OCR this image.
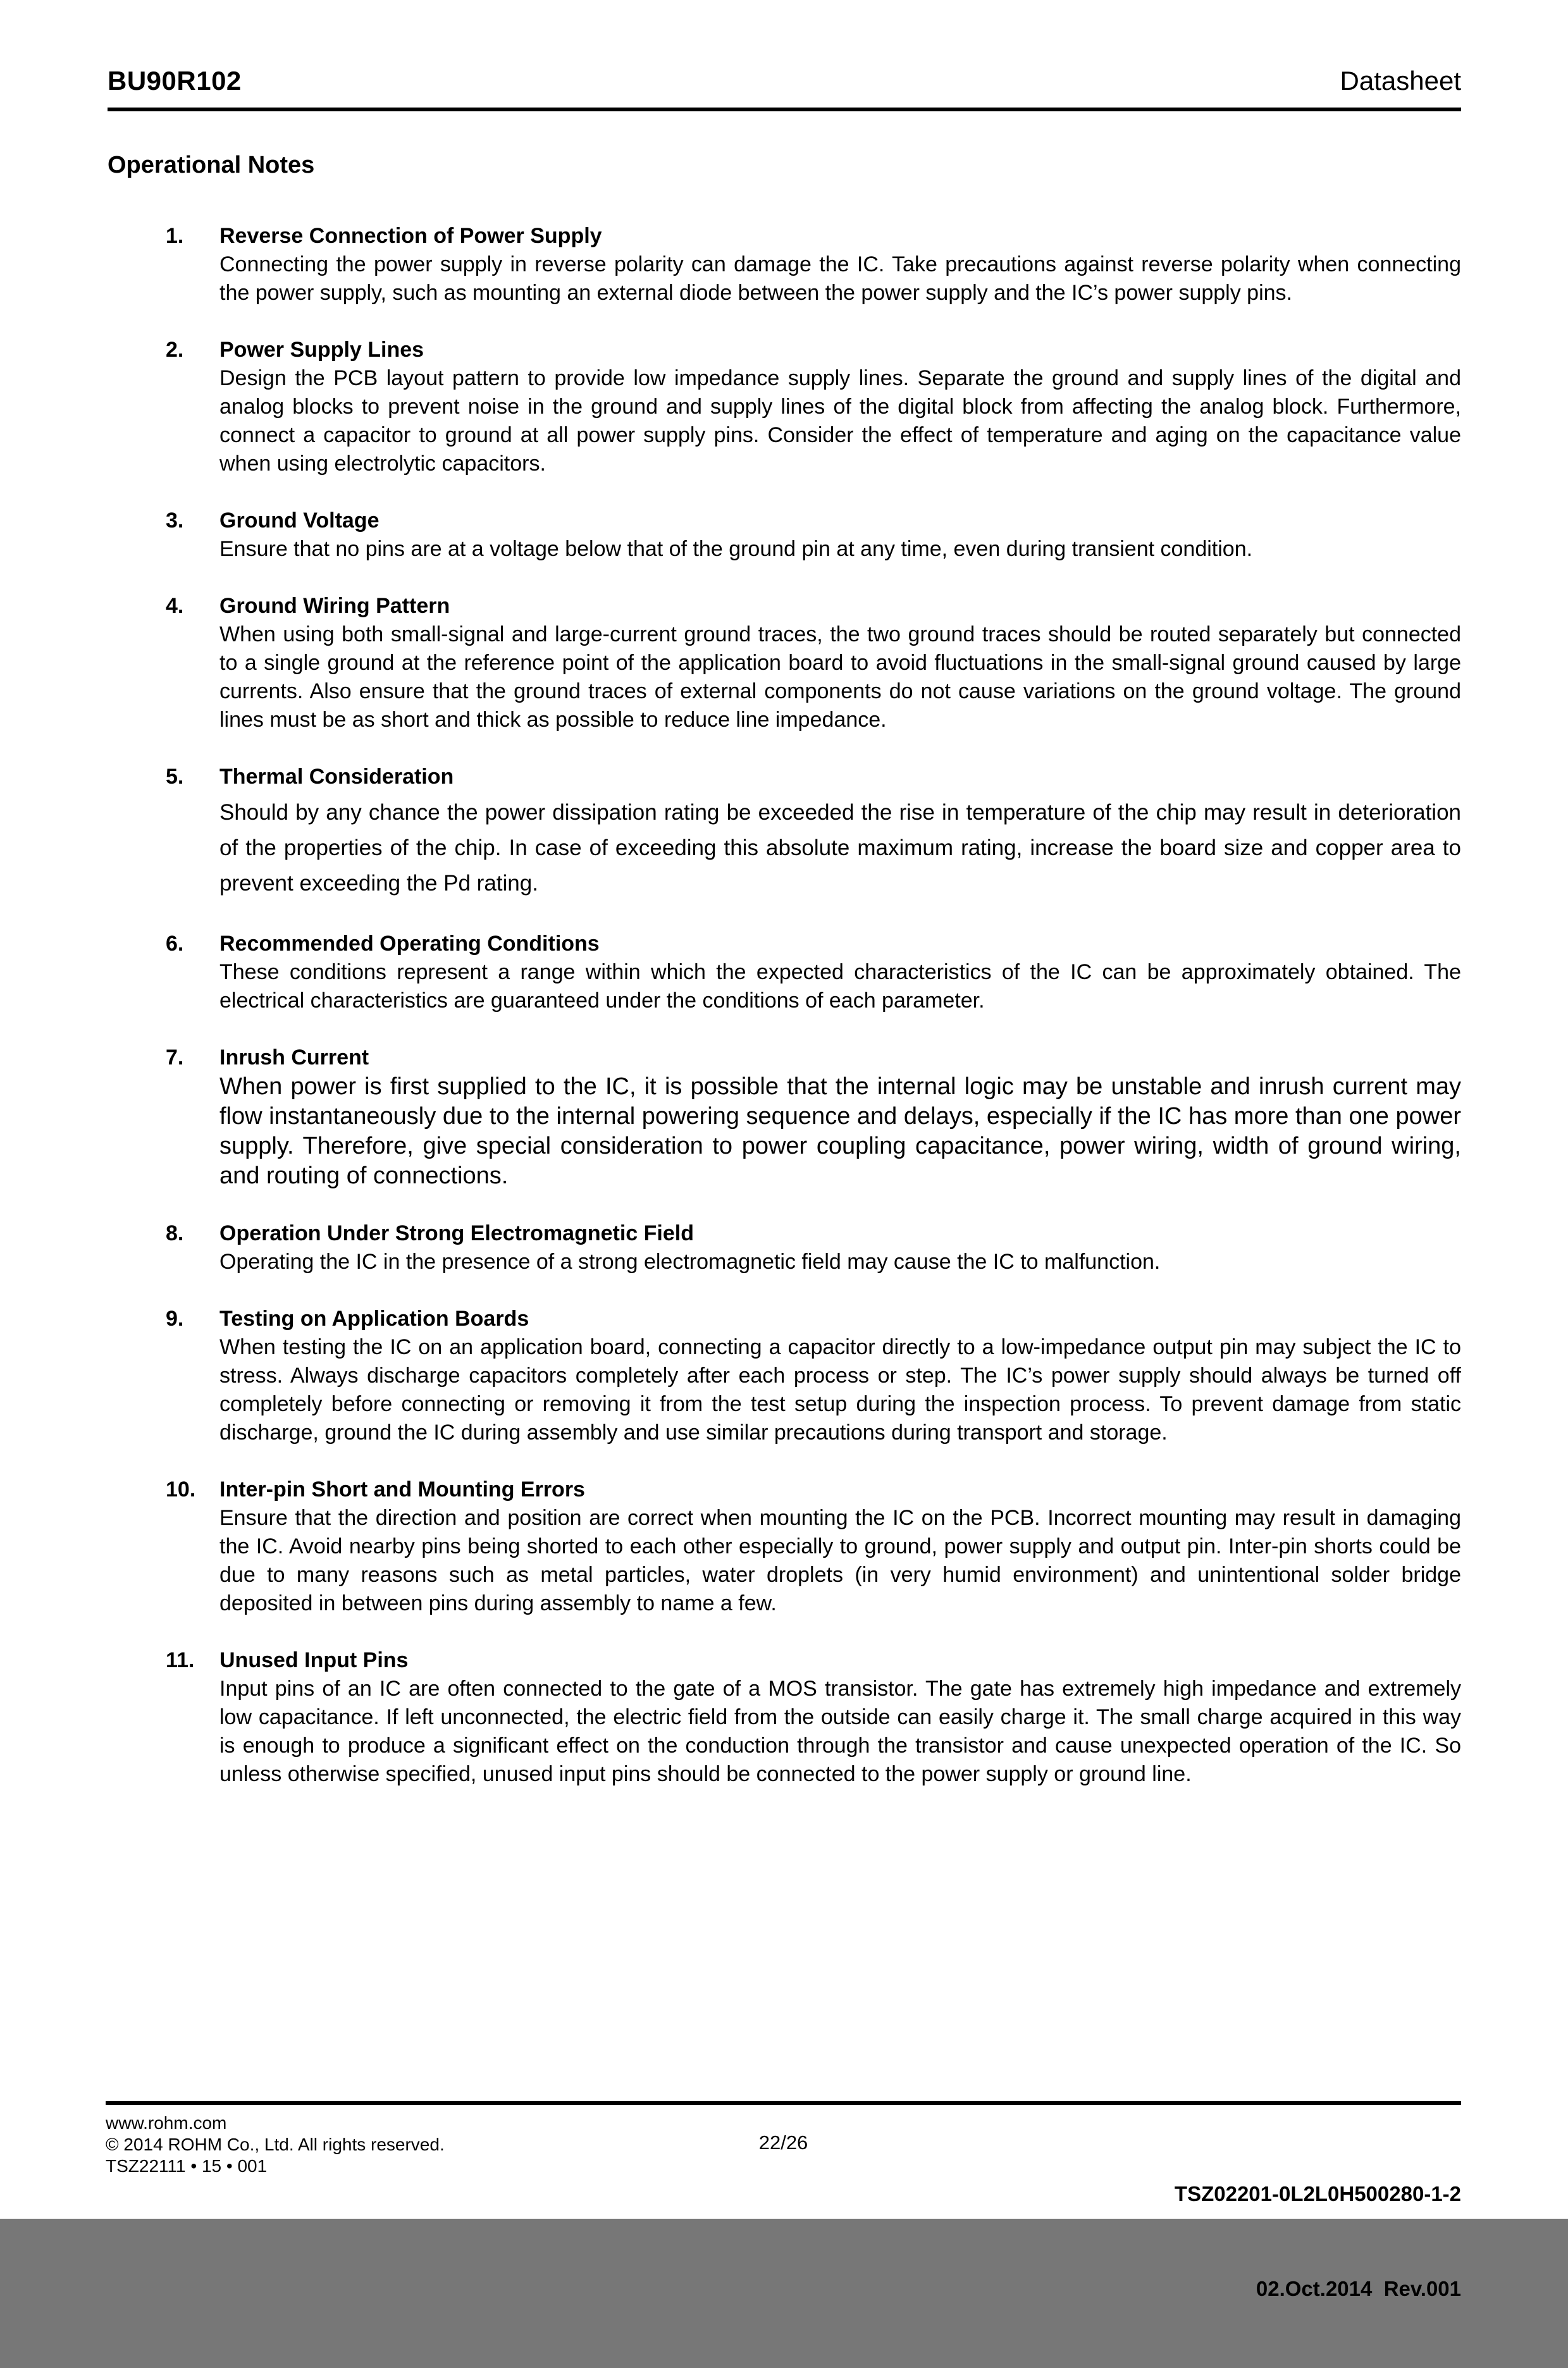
BU90R102	Datasheet
Operational Notes
1.	Reverse Connection of Power Supply

Connecting the power supply in reverse polarity can damage the IC. Take precautions against reverse polarity when connecting the power supply, such as mounting an external diode between the power supply and the IC’s power supply pins.

2.	Power Supply Lines

Design the PCB layout pattern to provide low impedance supply lines. Separate the ground and supply lines of the digital and analog blocks to prevent noise in the ground and supply lines of the digital block from affecting the analog block. Furthermore, connect a capacitor to ground at all power supply pins. Consider the effect of temperature and aging on the capacitance value when using electrolytic capacitors.

3.	Ground Voltage

Ensure that no pins are at a voltage below that of the ground pin at any time, even during transient condition.

4.	Ground Wiring Pattern

When using both small-signal and large-current ground traces, the two ground traces should be routed separately but connected to a single ground at the reference point of the application board to avoid fluctuations in the small-signal ground caused by large currents. Also ensure that the ground traces of external components do not cause variations on the ground voltage. The ground lines must be as short and thick as possible to reduce line impedance.

5.	Thermal Consideration

Should by any chance the power dissipation rating be exceeded the rise in temperature of the chip may result in deterioration of the properties of the chip. In case of exceeding this absolute maximum rating, increase the board size and copper area to prevent exceeding the Pd rating.

6.	Recommended Operating Conditions

These conditions represent a range within which the expected characteristics of the IC can be approximately obtained. The electrical characteristics are guaranteed under the conditions of each parameter.

7.	Inrush Current

When power is first supplied to the IC, it is possible that the internal logic may be unstable and inrush current may flow instantaneously due to the internal powering sequence and delays, especially if the IC has more than one power supply. Therefore, give special consideration to power coupling capacitance, power wiring, width of ground wiring, and routing of connections.

8.	Operation Under Strong Electromagnetic Field

Operating the IC in the presence of a strong electromagnetic field may cause the IC to malfunction.

9.	Testing on Application Boards

When testing the IC on an application board, connecting a capacitor directly to a low-impedance output pin may subject the IC to stress. Always discharge capacitors completely after each process or step. The IC’s power supply should always be turned off completely before connecting or removing it from the test setup during the inspection process. To prevent damage from static discharge, ground the IC during assembly and use similar precautions during transport and storage.

10.	Inter-pin Short and Mounting Errors

Ensure that the direction and position are correct when mounting the IC on the PCB. Incorrect mounting may result in damaging the IC. Avoid nearby pins being shorted to each other especially to ground, power supply and output pin. Inter-pin shorts could be due to many reasons such as metal particles, water droplets (in very humid environment) and unintentional solder bridge deposited in between pins during assembly to name a few.

11.	Unused Input Pins

Input pins of an IC are often connected to the gate of a MOS transistor. The gate has extremely high impedance and extremely low capacitance. If left unconnected, the electric field from the outside can easily charge it. The small charge acquired in this way is enough to produce a significant effect on the conduction through the transistor and cause unexpected operation of the IC. So unless otherwise specified, unused input pins should be connected to the power supply or ground line.

www.rohm.com
© 2014 ROHM Co., Ltd. All rights reserved.
TSZ22111 • 15 • 001
22/26

TSZ02201-0L2L0H500280-1-2

02.Oct.2014  Rev.001
